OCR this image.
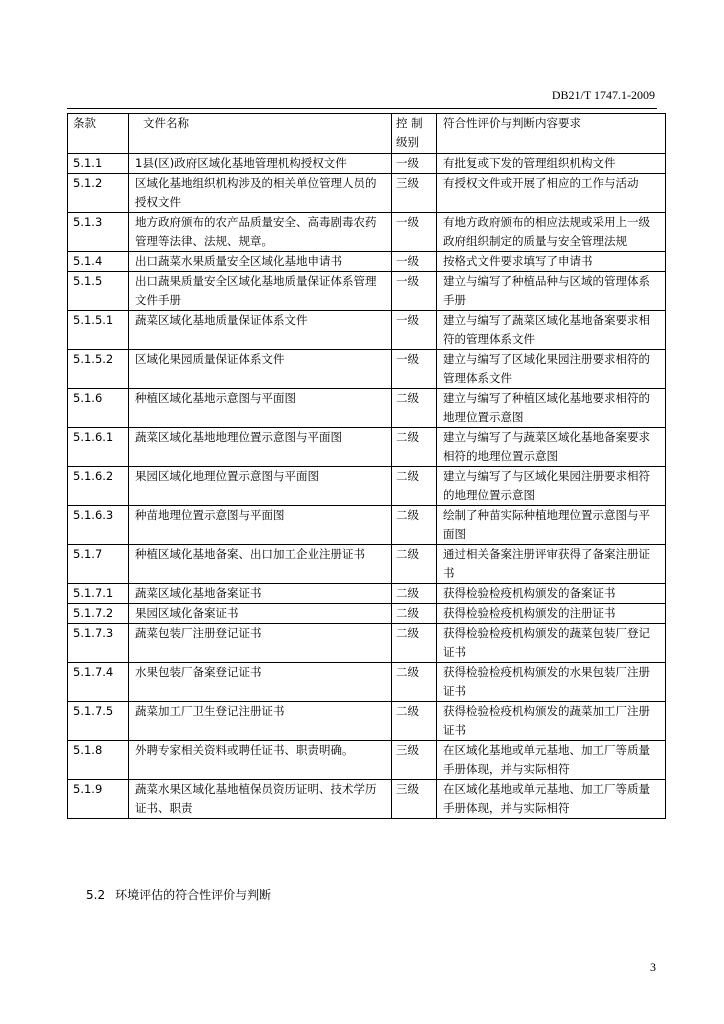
DB21/T 1747.1-2009
条款	文件名称	控 制级别	符合性评价与判断内容要求
5.1.1	1县(区)政府区域化基地管理机构授权文件	一级	有批复或下发的管理组织机构文件
5.1.2	区域化基地组织机构涉及的相关单位管理人员的授权文件	三级	有授权文件或开展了相应的工作与活动
5.1.3	地方政府颁布的农产品质量安全、高毒剧毒农药管理等法律、法规、规章。	一级	有地方政府颁布的相应法规或采用上一级政府组织制定的质量与安全管理法规
5.1.4	出口蔬菜水果质量安全区域化基地申请书	一级	按格式文件要求填写了申请书
5.1.5	出口蔬果质量安全区域化基地质量保证体系管理文件手册	一级	建立与编写了种植品种与区域的管理体系手册
5.1.5.1	蔬菜区域化基地质量保证体系文件	一级	建立与编写了蔬菜区域化基地备案要求相符的管理体系文件
5.1.5.2	区域化果园质量保证体系文件	一级	建立与编写了区域化果园注册要求相符的管理体系文件
5.1.6	种植区域化基地示意图与平面图	二级	建立与编写了种植区域化基地要求相符的地理位置示意图
5.1.6.1	蔬菜区域化基地地理位置示意图与平面图	二级	建立与编写了与蔬菜区域化基地备案要求相符的地理位置示意图
5.1.6.2	果园区域化地理位置示意图与平面图	二级	建立与编写了与区域化果园注册要求相符的地理位置示意图
5.1.6.3	种苗地理位置示意图与平面图	二级	绘制了种苗实际种植地理位置示意图与平面图
5.1.7	种植区域化基地备案、出口加工企业注册证书	二级	通过相关备案注册评审获得了备案注册证书
5.1.7.1	蔬菜区域化基地备案证书	二级	获得检验检疫机构颁发的备案证书
5.1.7.2	果园区域化备案证书	二级	获得检验检疫机构颁发的注册证书
5.1.7.3	蔬菜包装厂注册登记证书	二级	获得检验检疫机构颁发的蔬菜包装厂登记证书
5.1.7.4	水果包装厂备案登记证书	二级	获得检验检疫机构颁发的水果包装厂注册证书
5.1.7.5	蔬菜加工厂卫生登记注册证书	二级	获得检验检疫机构颁发的蔬菜加工厂注册证书
5.1.8	外聘专家相关资料或聘任证书、职责明确。	三级	在区域化基地或单元基地、加工厂等质量手册体现，并与实际相符
5.1.9	蔬菜水果区域化基地植保员资历证明、技术学历证书、职责	三级	在区域化基地或单元基地、加工厂等质量手册体现，并与实际相符
5.2 环境评估的符合性评价与判断
3
